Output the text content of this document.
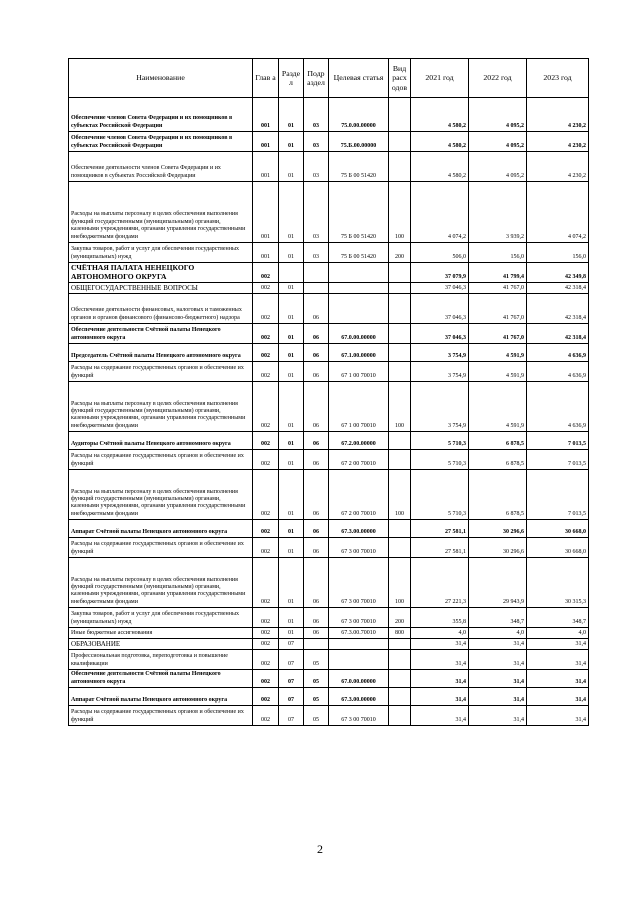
Наименование	Глав а	Разде л	Подр аздел	Целевая статья	Вид расх одов	2021 год	2022 год	2023 год
Обеспечение членов Совета Федерации и их помощников в субъектах Российской Федерации	001	01	03	75.0.00.00000		4 580,2	4 095,2	4 230,2
Обеспечение членов Совета Федерации и их помощников в субъектах Российской Федерации	001	01	03	75.Б.00.00000		4 580,2	4 095,2	4 230,2
Обеспечение деятельности членов Совета Федерации и их помощников в субъектах Российской Федерации	001	01	03	75 Б 00 51420		4 580,2	4 095,2	4 230,2
Расходы на выплаты персоналу в целях обеспечения выполнения функций государственными (муниципальными) органами, казенными учреждениями, органами управления государственными внебюджетными фондами	001	01	03	75 Б 00 51420	100	4 074,2	3 939,2	4 074,2
Закупка товаров, работ и услуг для обеспечения государственных (муниципальных) нужд	001	01	03	75 Б 00 51420	200	506,0	156,0	156,0
СЧЁТНАЯ ПАЛАТА НЕНЕЦКОГО АВТОНОМНОГО ОКРУГА	002					37 079,9	41 799,4	42 349,8
ОБЩЕГОСУДАРСТВЕННЫЕ ВОПРОСЫ	002	01				37 046,3	41 767,0	42 318,4
Обеспечение деятельности финансовых, налоговых и таможенных органов и органов финансового (финансово-бюджетного) надзора	002	01	06			37 046,3	41 767,0	42 318,4
Обеспечение деятельности Счётной палаты Ненецкого автономного округа	002	01	06	67.0.00.00000		37 046,3	41 767,0	42 318,4
Председатель Счётной палаты Ненецкого автономного округа	002	01	06	67.1.00.00000		3 754,9	4 591,9	4 636,9
Расходы на содержание государственных органов и обеспечение их функций	002	01	06	67 1 00 70010		3 754,9	4 591,9	4 636,9
Расходы на выплаты персоналу в целях обеспечения выполнения функций государственными (муниципальными) органами, казенными учреждениями, органами управления государственными внебюджетными фондами	002	01	06	67 1 00 70010	100	3 754,9	4 591,9	4 636,9
Аудиторы Счётной палаты Ненецкого автономного округа	002	01	06	67.2.00.00000		5 710,3	6 878,5	7 013,5
Расходы на содержание государственных органов и обеспечение их функций	002	01	06	67 2 00 70010		5 710,3	6 878,5	7 013,5
Расходы на выплаты персоналу в целях обеспечения выполнения функций государственными (муниципальными) органами, казенными учреждениями, органами управления государственными внебюджетными фондами	002	01	06	67 2 00 70010	100	5 710,3	6 878,5	7 013,5
Аппарат Счётной палаты Ненецкого автономного округа	002	01	06	67.3.00.00000		27 581,1	30 296,6	30 668,0
Расходы на содержание государственных органов и обеспечение их функций	002	01	06	67 3 00 70010		27 581,1	30 296,6	30 668,0
Расходы на выплаты персоналу в целях обеспечения выполнения функций государственными (муниципальными) органами, казенными учреждениями, органами управления государственными внебюджетными фондами	002	01	06	67 3 00 70010	100	27 221,3	29 943,9	30 315,3
Закупка товаров, работ и услуг для обеспечения государственных (муниципальных) нужд	002	01	06	67 3 00 70010	200	355,8	348,7	348,7
Иные бюджетные ассигнования	002	01	06	67.3.00.70010	800	4,0	4,0	4,0
ОБРАЗОВАНИЕ	002	07				31,4	31,4	31,4
Профессиональная подготовка, переподготовка и повышение квалификации	002	07	05			31,4	31,4	31,4
Обеспечение деятельности Счётной палаты Ненецкого автономного округа	002	07	05	67.0.00.00000		31,4	31,4	31,4
Аппарат Счётной палаты Ненецкого автономного округа	002	07	05	67.3.00.00000		31,4	31,4	31,4
Расходы на содержание государственных органов и обеспечение их функций	002	07	05	67 3 00 70010		31,4	31,4	31,4
2
